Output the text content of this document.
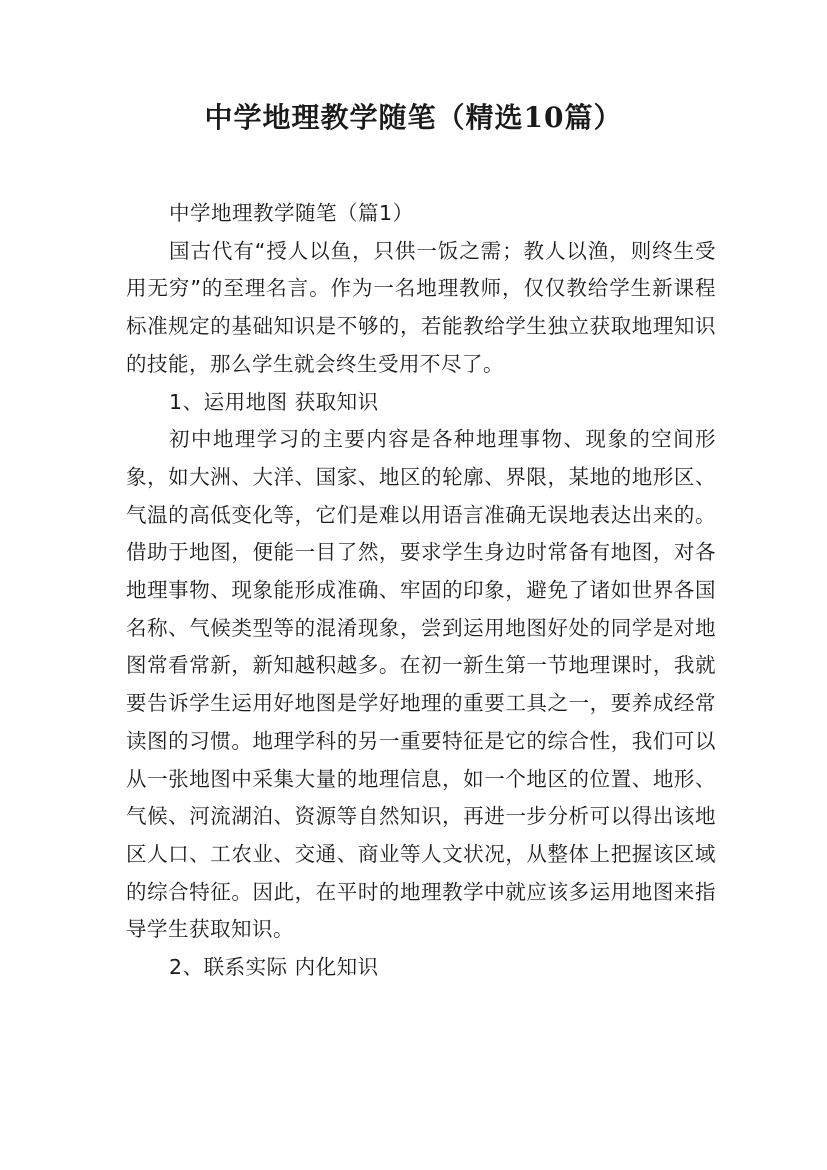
中学地理教学随笔（精选10篇）

中学地理教学随笔（篇1）

国古代有“授人以鱼，只供一饭之需；教人以渔，则终生受用无穷”的至理名言。作为一名地理教师，仅仅教给学生新课程标准规定的基础知识是不够的，若能教给学生独立获取地理知识的技能，那么学生就会终生受用不尽了。

1、运用地图 获取知识

初中地理学习的主要内容是各种地理事物、现象的空间形象，如大洲、大洋、国家、地区的轮廓、界限，某地的地形区、气温的高低变化等，它们是难以用语言准确无误地表达出来的。借助于地图，便能一目了然，要求学生身边时常备有地图，对各地理事物、现象能形成准确、牢固的印象，避免了诸如世界各国名称、气候类型等的混淆现象，尝到运用地图好处的同学是对地图常看常新，新知越积越多。在初一新生第一节地理课时，我就要告诉学生运用好地图是学好地理的重要工具之一，要养成经常读图的习惯。地理学科的另一重要特征是它的综合性，我们可以从一张地图中采集大量的地理信息，如一个地区的位置、地形、气候、河流湖泊、资源等自然知识，再进一步分析可以得出该地区人口、工农业、交通、商业等人文状况，从整体上把握该区域的综合特征。因此，在平时的地理教学中就应该多运用地图来指导学生获取知识。

2、联系实际 内化知识
